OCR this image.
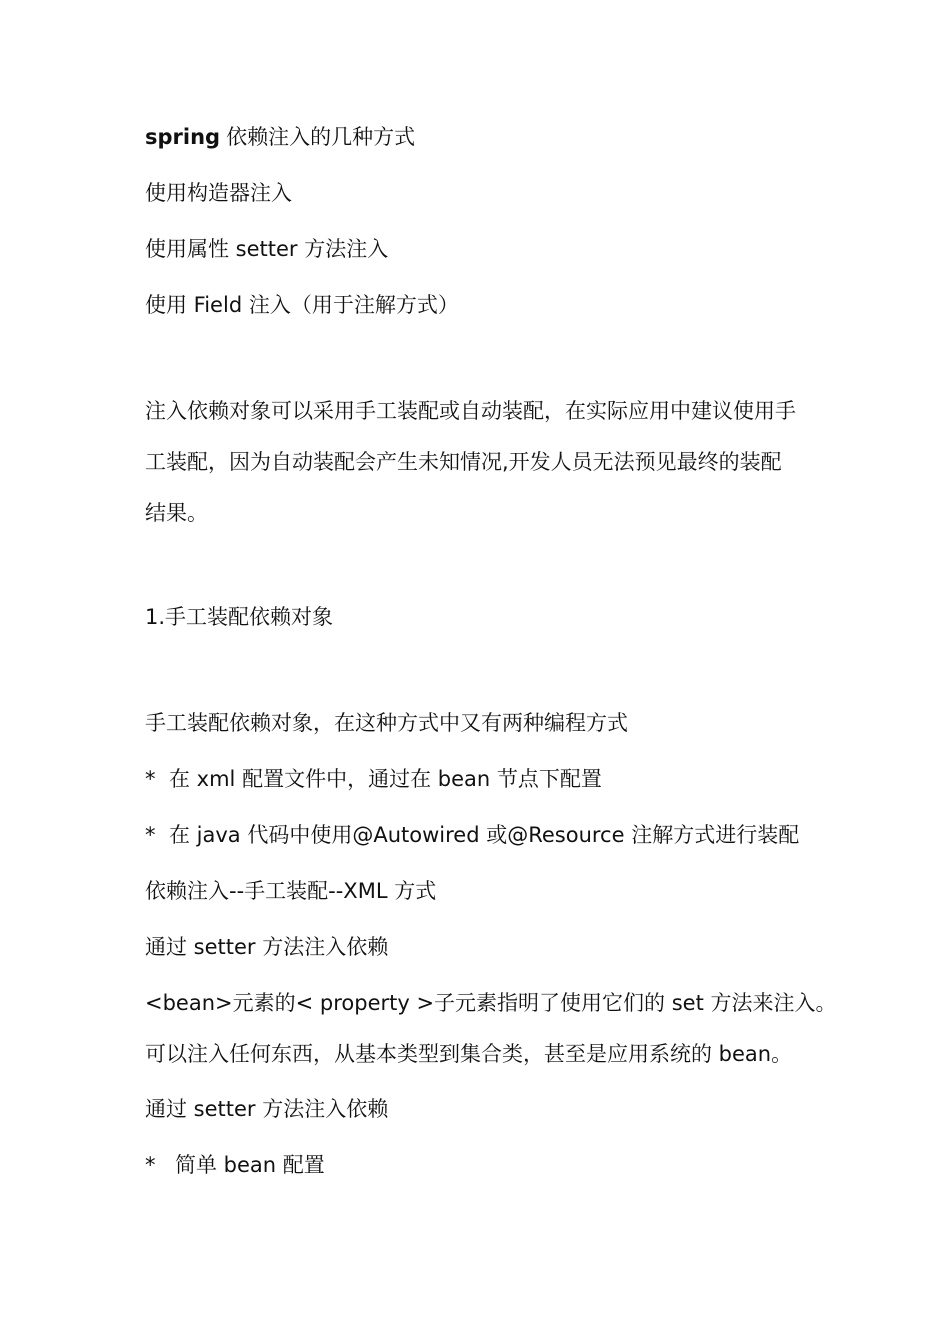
spring 依赖注入的几种方式
使用构造器注入
使用属性 setter 方法注入
使用 Field 注入（用于注解方式）
注入依赖对象可以采用手工装配或自动装配，在实际应用中建议使用手
工装配，因为自动装配会产生未知情况,开发人员无法预见最终的装配
结果。
1.手工装配依赖对象
手工装配依赖对象，在这种方式中又有两种编程方式
* 在 xml 配置文件中，通过在 bean 节点下配置
* 在 java 代码中使用@Autowired 或@Resource 注解方式进行装配
依赖注入--手工装配--XML 方式
通过 setter 方法注入依赖
<bean>元素的< property >子元素指明了使用它们的 set 方法来注入。
可以注入任何东西，从基本类型到集合类，甚至是应用系统的 bean。
通过 setter 方法注入依赖
* 简单 bean 配置
